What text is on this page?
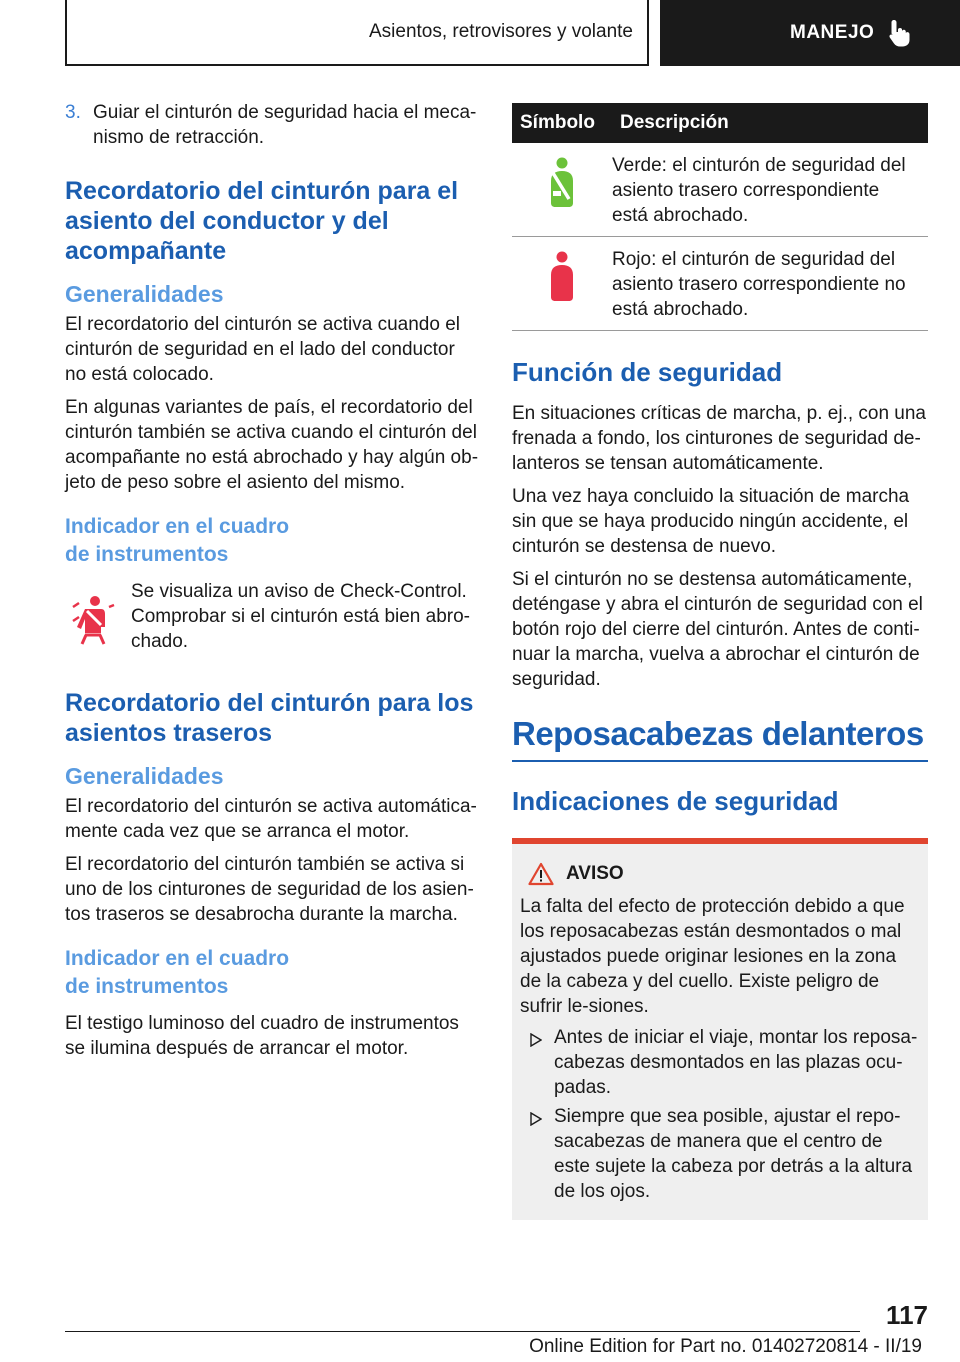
Asientos, retrovisores y volante	MANEJO
3. Guiar el cinturón de seguridad hacia el meca-nismo de retracción.
Recordatorio del cinturón para el asiento del conductor y del acompañante
Generalidades

El recordatorio del cinturón se activa cuando el cinturón de seguridad en el lado del conductor no está colocado.

En algunas variantes de país, el recordatorio del cinturón también se activa cuando el cinturón del acompañante no está abrochado y hay algún ob-jeto de peso sobre el asiento del mismo.

Indicador en el cuadro
de instrumentos
Se visualiza un aviso de Check-Control. Comprobar si el cinturón está bien abro-chado.
Recordatorio del cinturón para los asientos traseros
Generalidades

El recordatorio del cinturón se activa automática-mente cada vez que se arranca el motor.

El recordatorio del cinturón también se activa si uno de los cinturones de seguridad de los asien-tos traseros se desabrocha durante la marcha.

Indicador en el cuadro
de instrumentos

El testigo luminoso del cuadro de instrumentos se ilumina después de arrancar el motor.

Símbolo	Descripción
	Verde: el cinturón de seguridad del asiento trasero correspondiente está abrochado.
	Rojo: el cinturón de seguridad del asiento trasero correspondiente no está abrochado.
Función de seguridad

En situaciones críticas de marcha, p. ej., con una frenada a fondo, los cinturones de seguridad de-lanteros se tensan automáticamente.

Una vez haya concluido la situación de marcha sin que se haya producido ningún accidente, el cinturón se destensa de nuevo.

Si el cinturón no se destensa automáticamente, deténgase y abra el cinturón de seguridad con el botón rojo del cierre del cinturón. Antes de conti-nuar la marcha, vuelva a abrochar el cinturón de seguridad.

Reposacabezas delanteros
Indicaciones de seguridad
AVISO

La falta del efecto de protección debido a que los reposacabezas están desmontados o mal ajustados puede originar lesiones en la zona de la cabeza y del cuello. Existe peligro de sufrir le-siones.

Antes de iniciar el viaje, montar los reposa-cabezas desmontados en las plazas ocu-padas.
Siempre que sea posible, ajustar el repo-sacabezas de manera que el centro de este sujete la cabeza por detrás a la altura de los ojos.
117
Online Edition for Part no. 01402720814 - II/19
